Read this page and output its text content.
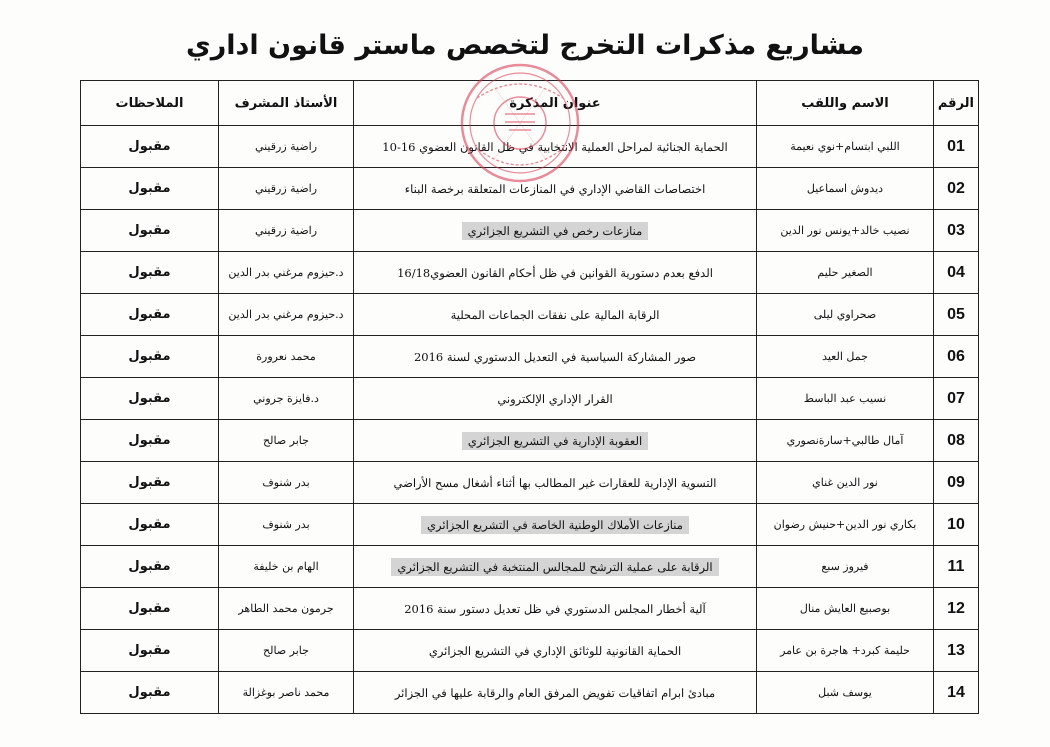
مشاريع مذكرات التخرج لتخصص ماستر قانون اداري
الرقم	الاسم واللقب	عنوان المذكرة	الأستاذ المشرف	الملاحظات
01	اللبي ابتسام+نوي نعيمة	الحماية الجنائية لمراحل العملية الانتخابية في ظل القانون العضوي 16-10	راضية زرقيني	مقبول
02	ديدوش اسماعيل	اختصاصات القاضي الإداري في المنازعات المتعلقة برخصة البناء	راضية زرقيني	مقبول
03	نصيب خالد+يونس نور الدين	منازعات رخص في التشريع الجزائري	راضية زرقيني	مقبول
04	الصغير حليم	الدفع بعدم دستورية القوانين في ظل أحكام القانون العضوي16/18	د.حيزوم مرغني بدر الدين	مقبول
05	صحراوي ليلى	الرقابة المالية على نفقات الجماعات المحلية	د.حيزوم مرغني بدر الدين	مقبول
06	جمل العيد	صور المشاركة السياسية في التعديل الدستوري لسنة 2016	محمد نعرورة	مقبول
07	نسيب عبد الباسط	القرار الإداري الإلكتروني	د.فايزة جروني	مقبول
08	آمال طالبي+سارةنصوري	العقوبة الإدارية في التشريع الجزائري	جابر صالح	مقبول
09	نور الدين غناي	التسوية الإدارية للعقارات غير المطالب بها أثناء أشغال مسح الأراضي	بدر شنوف	مقبول
10	بكاري نور الدين+حنيش رضوان	منازعات الأملاك الوطنية الخاصة في التشريع الجزائري	بدر شنوف	مقبول
11	فيروز سبع	الرقابة على عملية الترشح للمجالس المنتخبة في التشريع الجزائري	الهام بن خليفة	مقبول
12	بوصبيع العايش منال	آلية أخطار المجلس الدستوري في ظل تعديل دستور سنة 2016	جرمون محمد الطاهر	مقبول
13	حليمة كبرد+ هاجرة بن عامر	الحماية القانونية للوثائق الإداري في التشريع الجزائري	جابر صالح	مقبول
14	يوسف شبل	مبادئ ابرام اتفاقيات تفويض المرفق العام والرقابة عليها في الجزائر	محمد ناصر بوغزالة	مقبول
